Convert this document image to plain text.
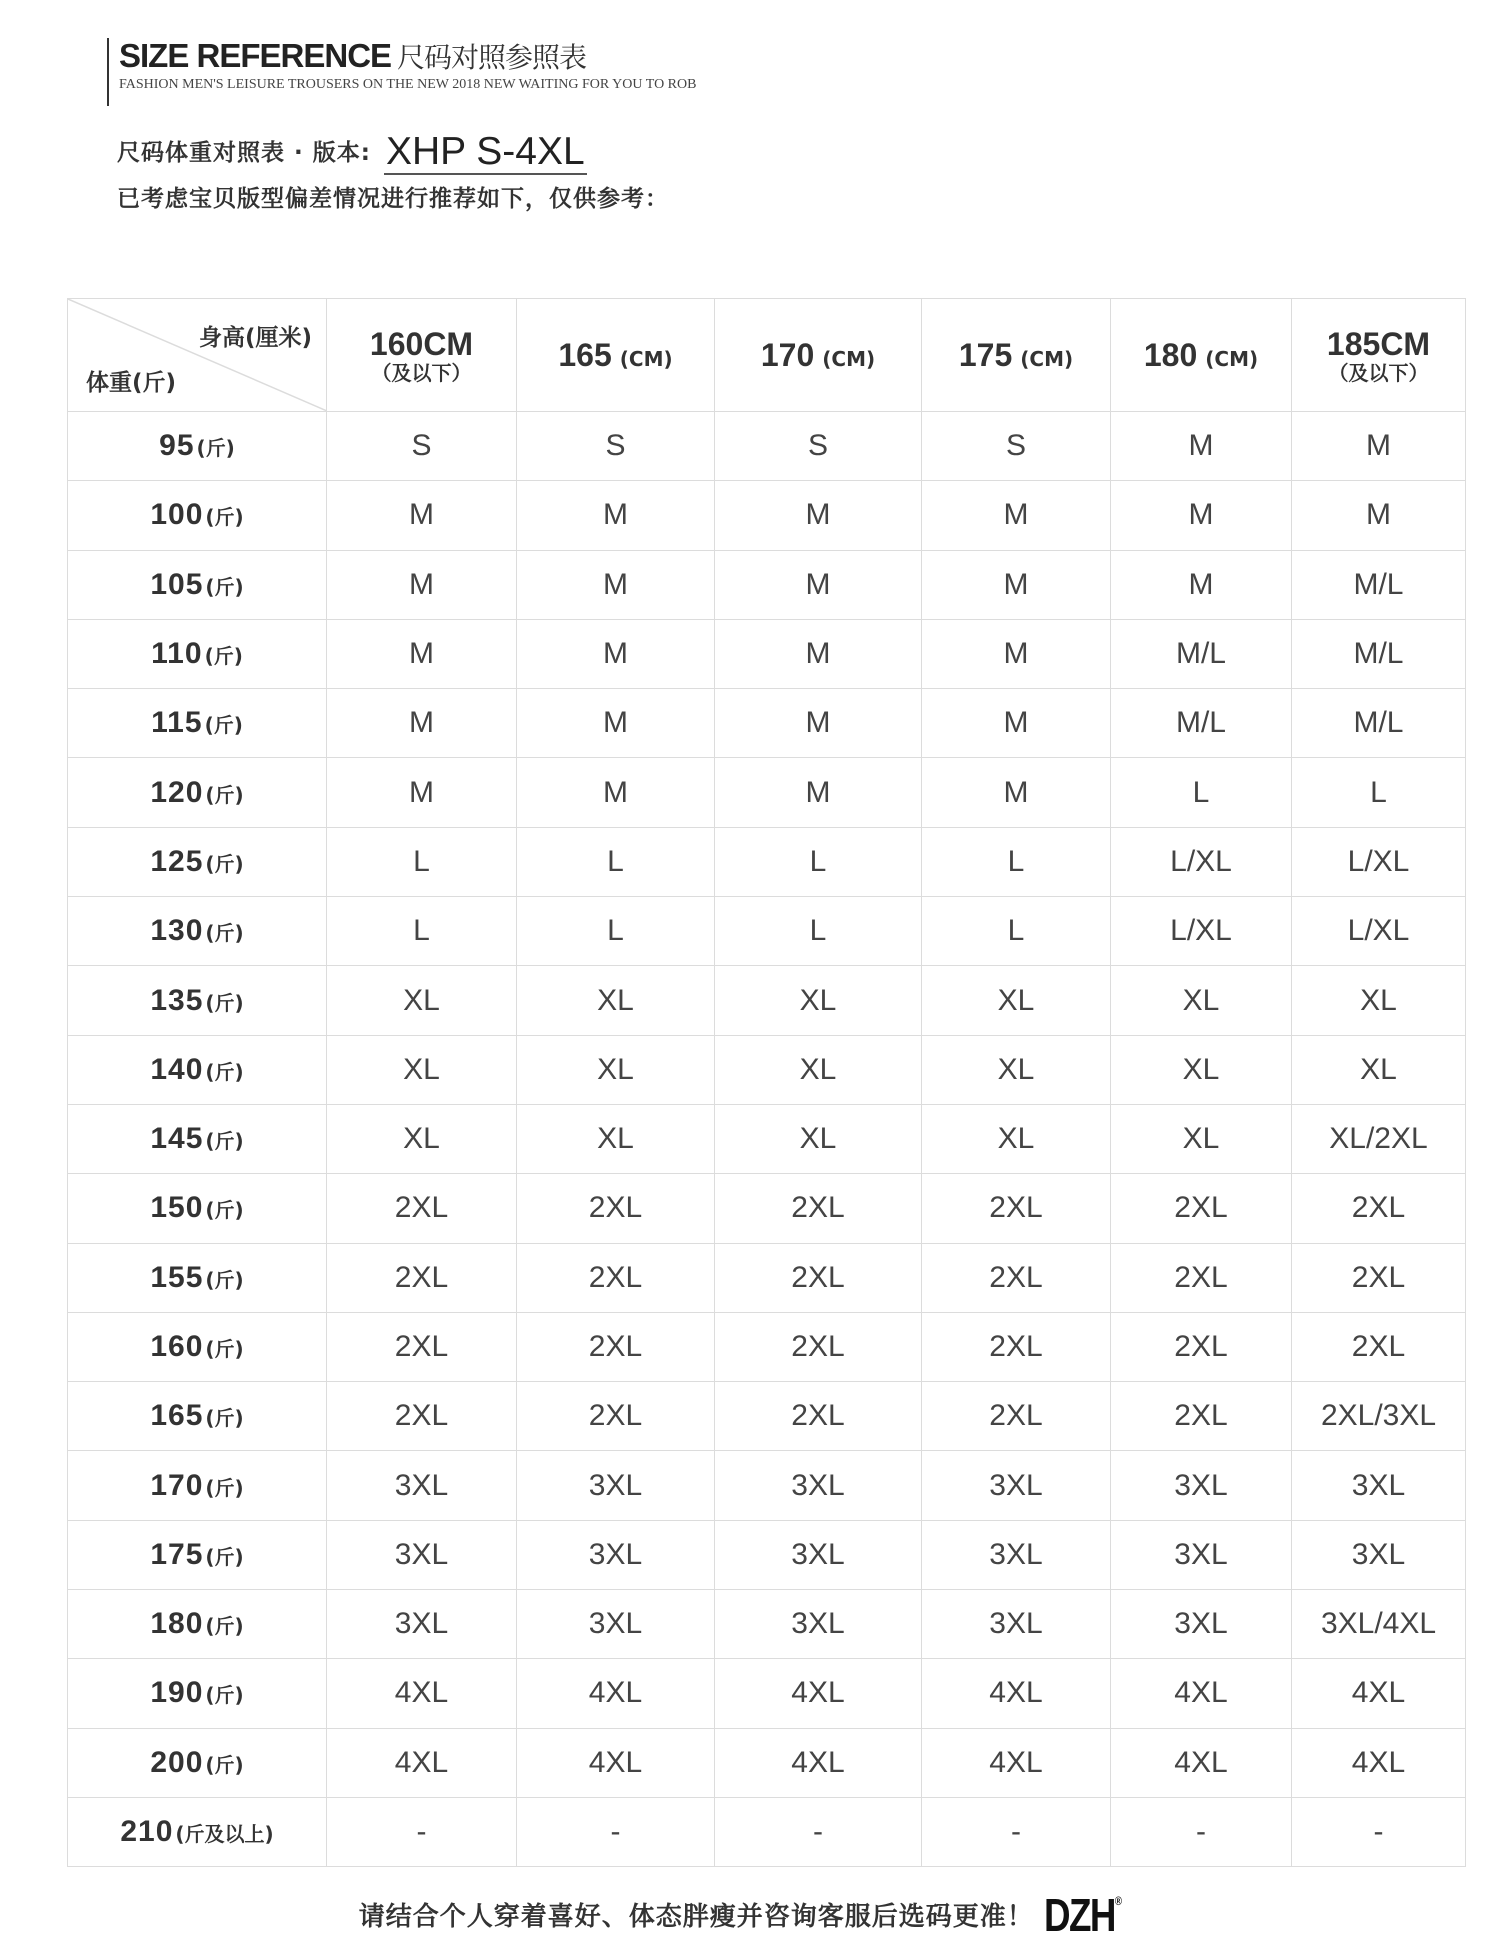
SIZE REFERENCE 尺码对照参照表
FASHION MEN'S LEISURE TROUSERS ON THE NEW 2018 NEW WAITING FOR YOU TO ROB
尺码体重对照表 · 版本: XHP S-4XL
已考虑宝贝版型偏差情况进行推荐如下，仅供参考：
身高(厘米)
体重(斤)	160CM
（及以下）	165 (CM)	170 (CM)	175 (CM)	180 (CM)	185CM
（及以下）

95 (斤)	S	S	S	S	M	M
100 (斤)	M	M	M	M	M	M
105 (斤)	M	M	M	M	M	M/L
110 (斤)	M	M	M	M	M/L	M/L
115 (斤)	M	M	M	M	M/L	M/L
120 (斤)	M	M	M	M	L	L
125 (斤)	L	L	L	L	L/XL	L/XL
130 (斤)	L	L	L	L	L/XL	L/XL
135 (斤)	XL	XL	XL	XL	XL	XL
140 (斤)	XL	XL	XL	XL	XL	XL
145 (斤)	XL	XL	XL	XL	XL	XL/2XL
150 (斤)	2XL	2XL	2XL	2XL	2XL	2XL
155 (斤)	2XL	2XL	2XL	2XL	2XL	2XL
160 (斤)	2XL	2XL	2XL	2XL	2XL	2XL
165 (斤)	2XL	2XL	2XL	2XL	2XL	2XL/3XL
170 (斤)	3XL	3XL	3XL	3XL	3XL	3XL
175 (斤)	3XL	3XL	3XL	3XL	3XL	3XL
180 (斤)	3XL	3XL	3XL	3XL	3XL	3XL/4XL
190 (斤)	4XL	4XL	4XL	4XL	4XL	4XL
200 (斤)	4XL	4XL	4XL	4XL	4XL	4XL
210 (斤及以上)	-	-	-	-	-	-
请结合个人穿着喜好、体态胖瘦并咨询客服后选码更准！ DZH®
